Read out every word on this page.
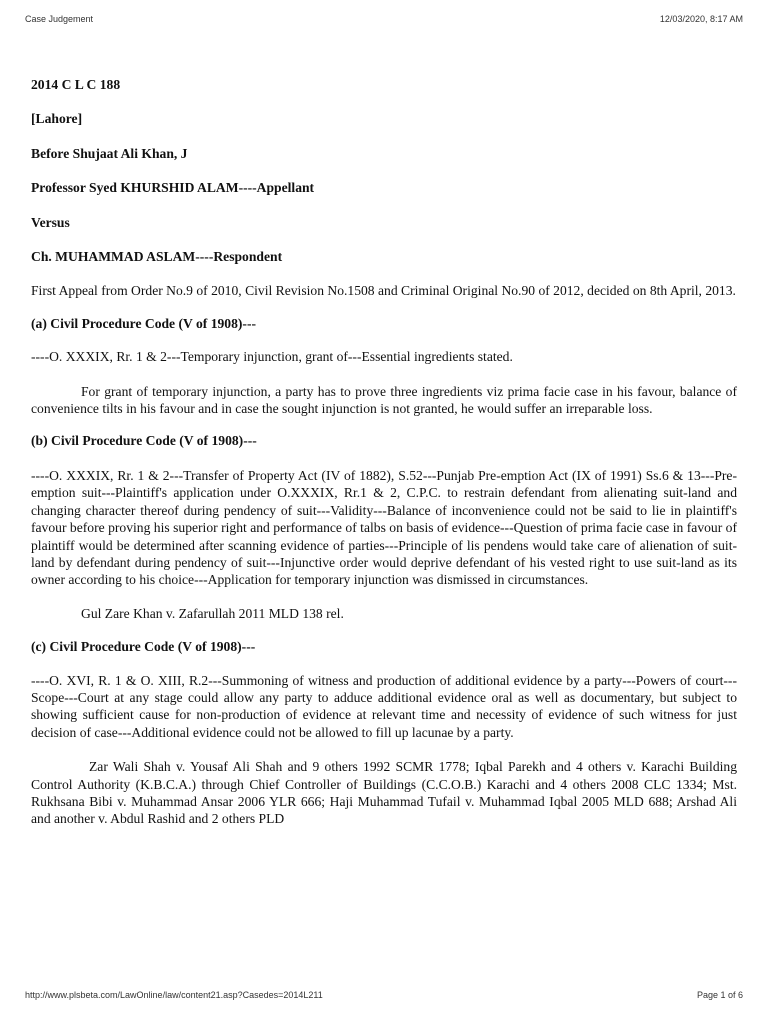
Case Judgement	12/03/2020, 8:17 AM

2014 C L C 188

[Lahore]

Before Shujaat Ali Khan, J

Professor Syed KHURSHID ALAM----Appellant

Versus

Ch. MUHAMMAD ASLAM----Respondent

First Appeal from Order No.9 of 2010, Civil Revision No.1508 and Criminal Original No.90 of 2012, decided on 8th April, 2013.

(a) Civil Procedure Code (V of 1908)---

----O. XXXIX, Rr. 1 & 2---Temporary injunction, grant of---Essential ingredients stated.

For grant of temporary injunction, a party has to prove three ingredients viz prima facie case in his favour, balance of convenience tilts in his favour and in case the sought injunction is not granted, he would suffer an irreparable loss.

(b) Civil Procedure Code (V of 1908)---

----O. XXXIX, Rr. 1 & 2---Transfer of Property Act (IV of 1882), S.52---Punjab Pre-emption Act (IX of 1991) Ss.6 & 13---Pre-emption suit---Plaintiff's application under O.XXXIX, Rr.1 & 2, C.P.C. to restrain defendant from alienating suit-land and changing character thereof during pendency of suit---Validity---Balance of inconvenience could not be said to lie in plaintiff's favour before proving his superior right and performance of talbs on basis of evidence---Question of prima facie case in favour of plaintiff would be determined after scanning evidence of parties---Principle of lis pendens would take care of alienation of suit-land by defendant during pendency of suit---Injunctive order would deprive defendant of his vested right to use suit-land as its owner according to his choice---Application for temporary injunction was dismissed in circumstances.

Gul Zare Khan v. Zafarullah 2011 MLD 138 rel.

(c) Civil Procedure Code (V of 1908)---

----O. XVI, R. 1 & O. XIII, R.2---Summoning of witness and production of additional evidence by a party---Powers of court---Scope---Court at any stage could allow any party to adduce additional evidence oral as well as documentary, but subject to showing sufficient cause for non-production of evidence at relevant time and necessity of evidence of such witness for just decision of case---Additional evidence could not be allowed to fill up lacunae by a party.

Zar Wali Shah v. Yousaf Ali Shah and 9 others 1992 SCMR 1778; Iqbal Parekh and 4 others v. Karachi Building Control Authority (K.B.C.A.) through Chief Controller of Buildings (C.C.O.B.) Karachi and 4 others 2008 CLC 1334; Mst. Rukhsana Bibi v. Muhammad Ansar 2006 YLR 666; Haji Muhammad Tufail v. Muhammad Iqbal 2005 MLD 688; Arshad Ali and another v. Abdul Rashid and 2 others PLD

http://www.plsbeta.com/LawOnline/law/content21.asp?Casedes=2014L211	Page 1 of 6
